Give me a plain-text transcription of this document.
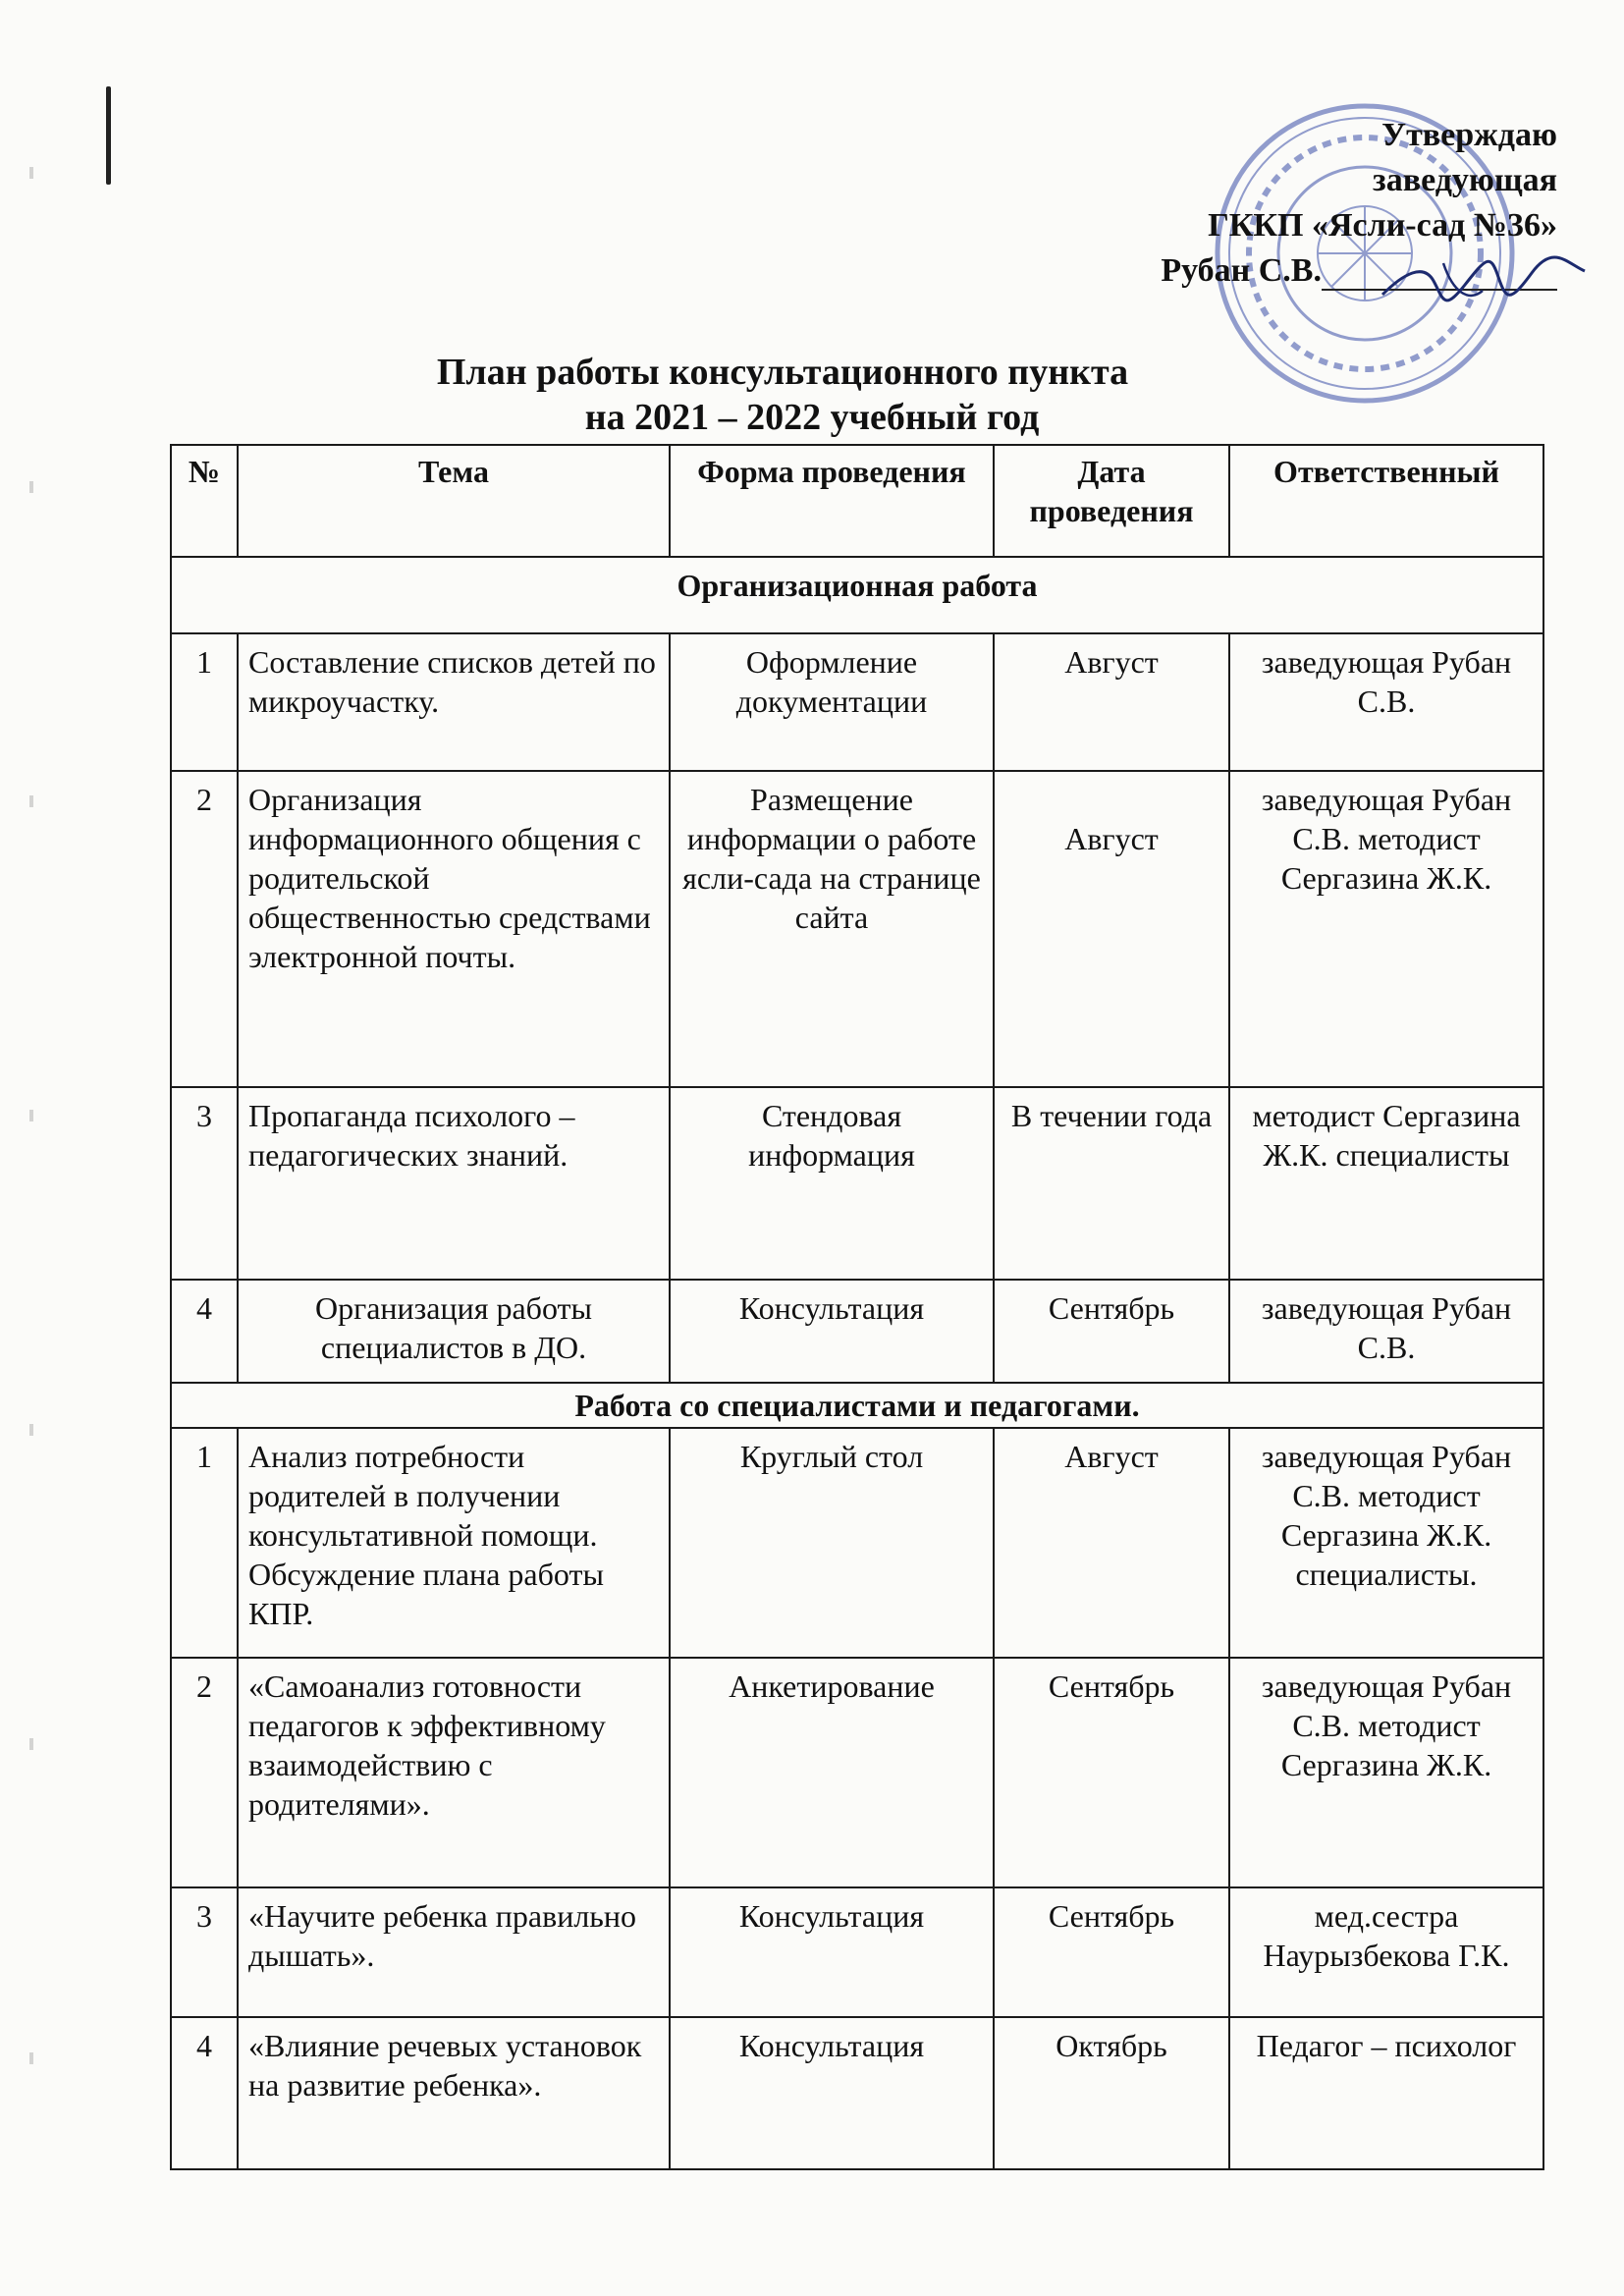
Утверждаю
заведующая
ГККП «Ясли-сад №36»
Рубан С.В.
План работы консультационного пункта
на 2021 – 2022 учебный год
№	Тема	Форма проведения	Дата проведения	Ответственный
Организационная работа				
1	Составление списков детей по микроучастку.	Оформление документации	Август	заведующая Рубан С.В.
2	Организация информационного общения с родительской общественностью средствами электронной почты.	Размещение информации о работе ясли-сада на странице сайта	Август	заведующая Рубан С.В. методист Сергазина Ж.К.
3	Пропаганда психолого – педагогических знаний.	Стендовая информация	В течении года	методист Сергазина Ж.К. специалисты
4	Организация работы специалистов в ДО.	Консультация	Сентябрь	заведующая Рубан С.В.
Работа со специалистами и педагогами.				
1	Анализ потребности родителей в получении консультативной помощи. Обсуждение плана работы КПР.	Круглый стол	Август	заведующая Рубан С.В. методист Сергазина Ж.К. специалисты.
2	«Самоанализ готовности педагогов к эффективному взаимодействию с родителями».	Анкетирование	Сентябрь	заведующая Рубан С.В. методист Сергазина Ж.К.
3	«Научите ребенка правильно дышать».	Консультация	Сентябрь	мед.сестра Наурызбекова Г.К.
4	«Влияние речевых установок на развитие ребенка».	Консультация	Октябрь	Педагог – психолог
